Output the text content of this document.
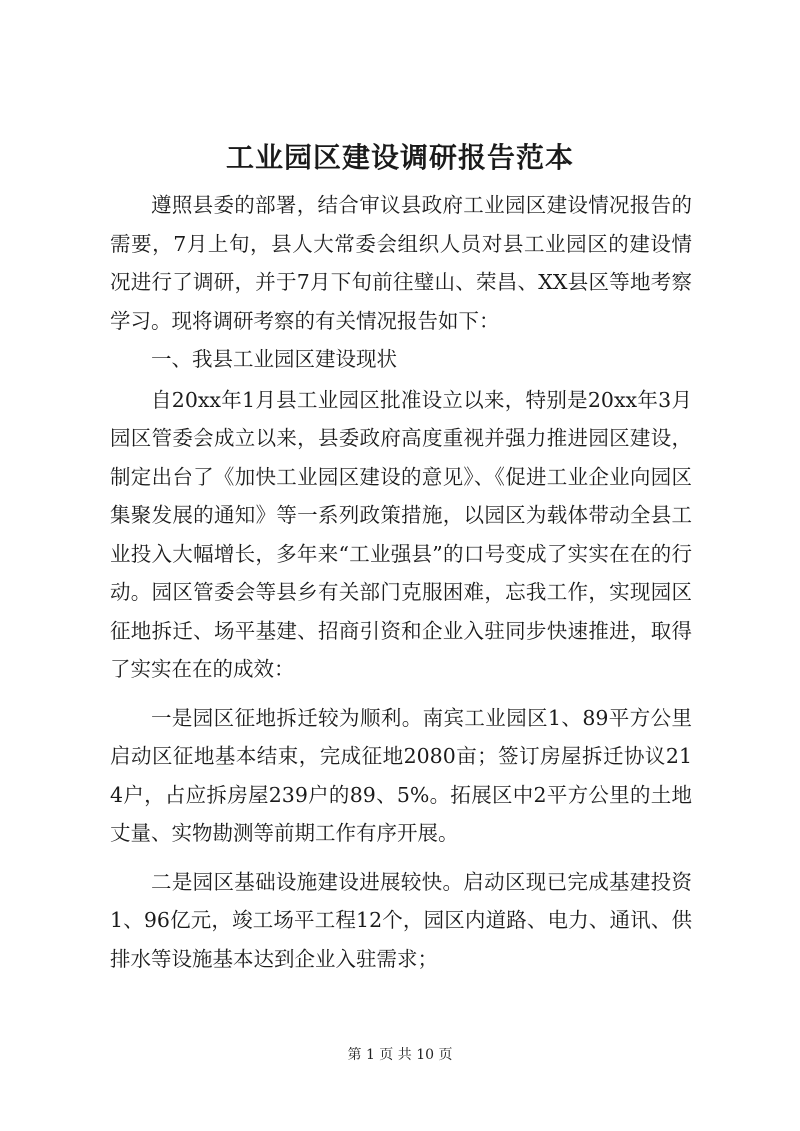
工业园区建设调研报告范本

遵照县委的部署，结合审议县政府工业园区建设情况报告的需要，7月上旬，县人大常委会组织人员对县工业园区的建设情况进行了调研，并于7月下旬前往璧山、荣昌、XX县区等地考察学习。现将调研考察的有关情况报告如下：

一、我县工业园区建设现状

自20xx年1月县工业园区批准设立以来，特别是20xx年3月园区管委会成立以来，县委政府高度重视并强力推进园区建设，制定出台了《加快工业园区建设的意见》、《促进工业企业向园区集聚发展的通知》等一系列政策措施，以园区为载体带动全县工业投入大幅增长，多年来“工业强县”的口号变成了实实在在的行动。园区管委会等县乡有关部门克服困难，忘我工作，实现园区征地拆迁、场平基建、招商引资和企业入驻同步快速推进，取得了实实在在的成效：

一是园区征地拆迁较为顺利。南宾工业园区1、89平方公里启动区征地基本结束，完成征地2080亩；签订房屋拆迁协议214户，占应拆房屋239户的89、5%。拓展区中2平方公里的土地丈量、实物勘测等前期工作有序开展。

二是园区基础设施建设进展较快。启动区现已完成基建投资1、96亿元，竣工场平工程12个，园区内道路、电力、通讯、供排水等设施基本达到企业入驻需求；

第 1 页 共 10 页
